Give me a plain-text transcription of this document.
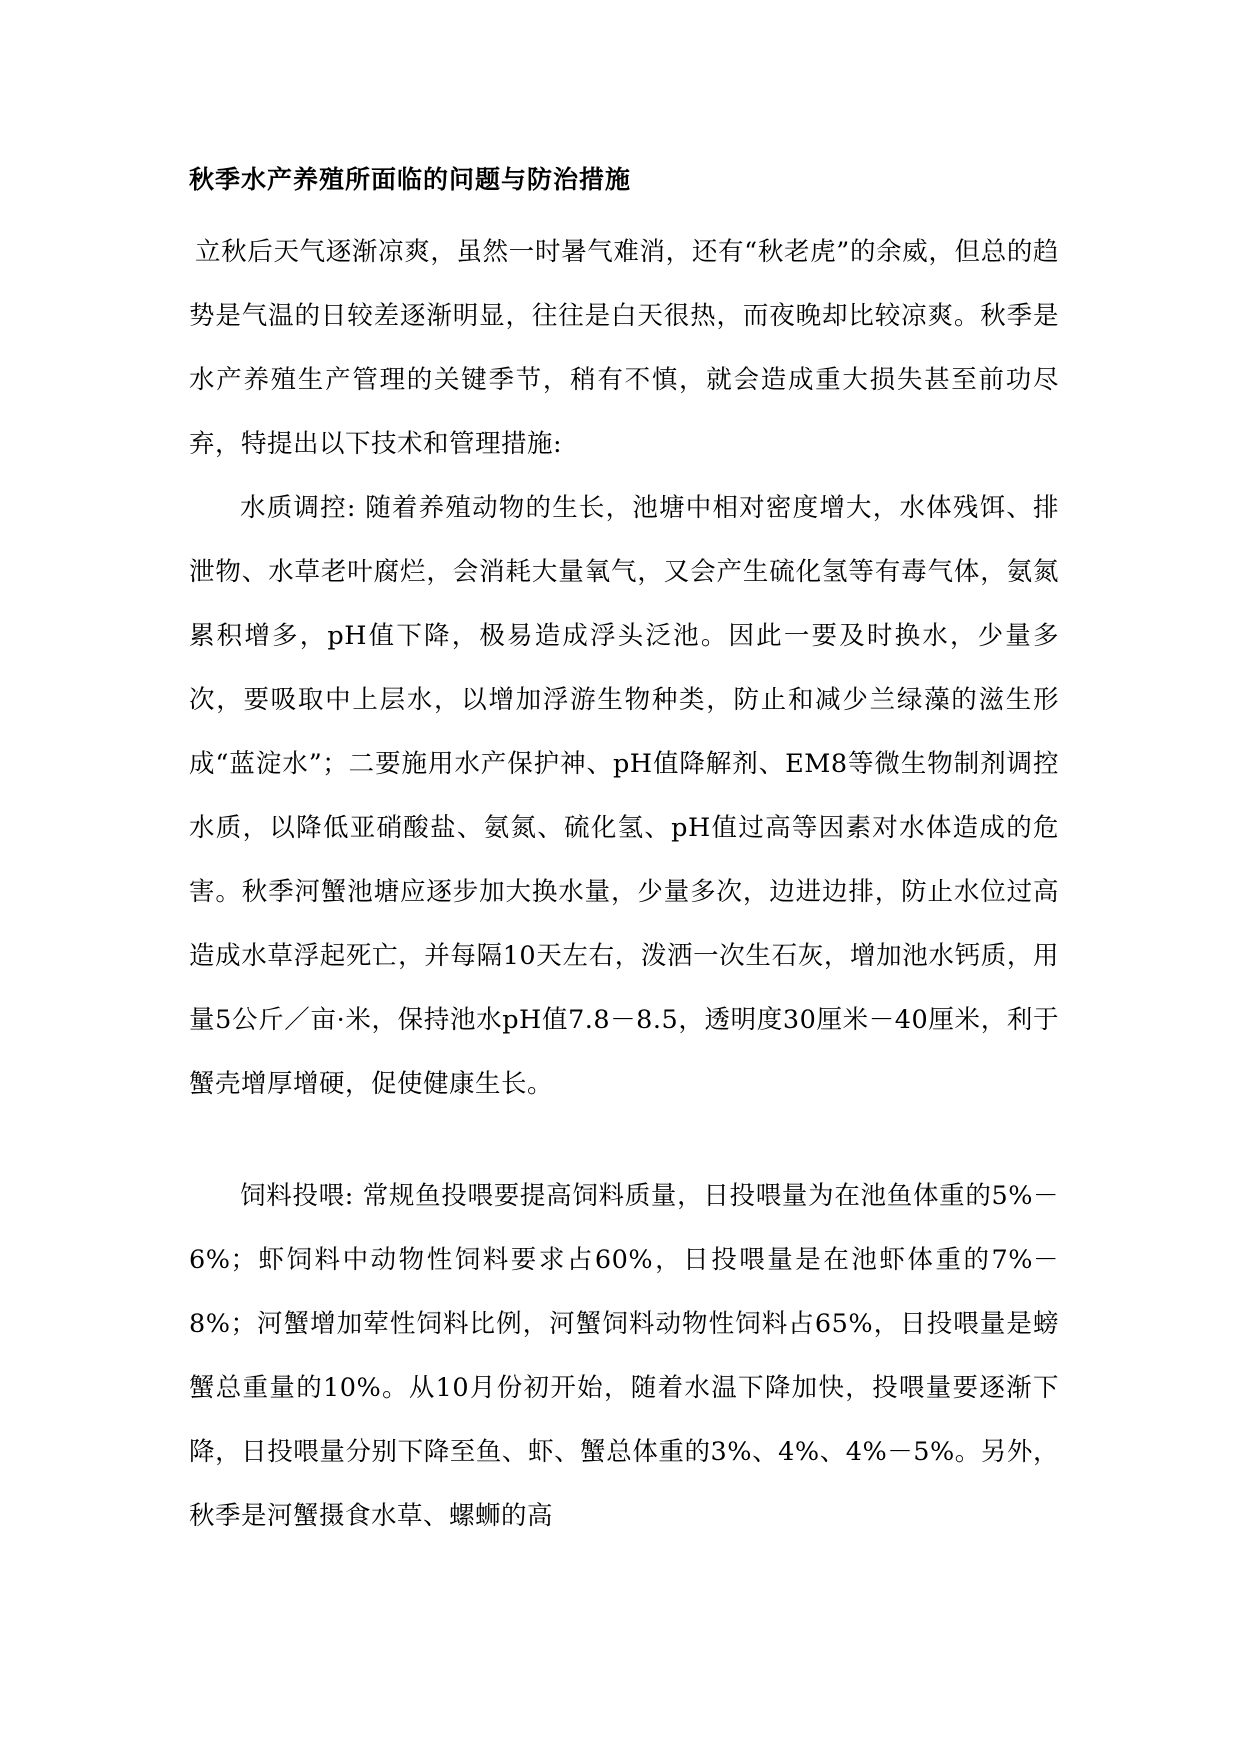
秋季水产养殖所面临的问题与防治措施

立秋后天气逐渐凉爽，虽然一时暑气难消，还有“秋老虎”的余威，但总的趋势是气温的日较差逐渐明显，往往是白天很热，而夜晚却比较凉爽。秋季是水产养殖生产管理的关键季节，稍有不慎，就会造成重大损失甚至前功尽弃，特提出以下技术和管理措施:

水质调控: 随着养殖动物的生长，池塘中相对密度增大，水体残饵、排泄物、水草老叶腐烂，会消耗大量氧气，又会产生硫化氢等有毒气体，氨氮累积增多，pH值下降，极易造成浮头泛池。因此一要及时换水，少量多次，要吸取中上层水，以增加浮游生物种类，防止和减少兰绿藻的滋生形成“蓝淀水”；二要施用水产保护神、pH值降解剂、EM8等微生物制剂调控水质，以降低亚硝酸盐、氨氮、硫化氢、pH值过高等因素对水体造成的危害。秋季河蟹池塘应逐步加大换水量，少量多次，边进边排，防止水位过高造成水草浮起死亡，并每隔10天左右，泼洒一次生石灰，增加池水钙质，用量5公斤／亩·米，保持池水pH值7.8－8.5，透明度30厘米－40厘米，利于蟹壳增厚增硬，促使健康生长。

饲料投喂: 常规鱼投喂要提高饲料质量，日投喂量为在池鱼体重的5%－6%；虾饲料中动物性饲料要求占60%，日投喂量是在池虾体重的7%－8%；河蟹增加荤性饲料比例，河蟹饲料动物性饲料占65%，日投喂量是螃蟹总重量的10%。从10月份初开始，随着水温下降加快，投喂量要逐渐下降，日投喂量分别下降至鱼、虾、蟹总体重的3%、4%、4%－5%。另外，秋季是河蟹摄食水草、螺蛳的高
